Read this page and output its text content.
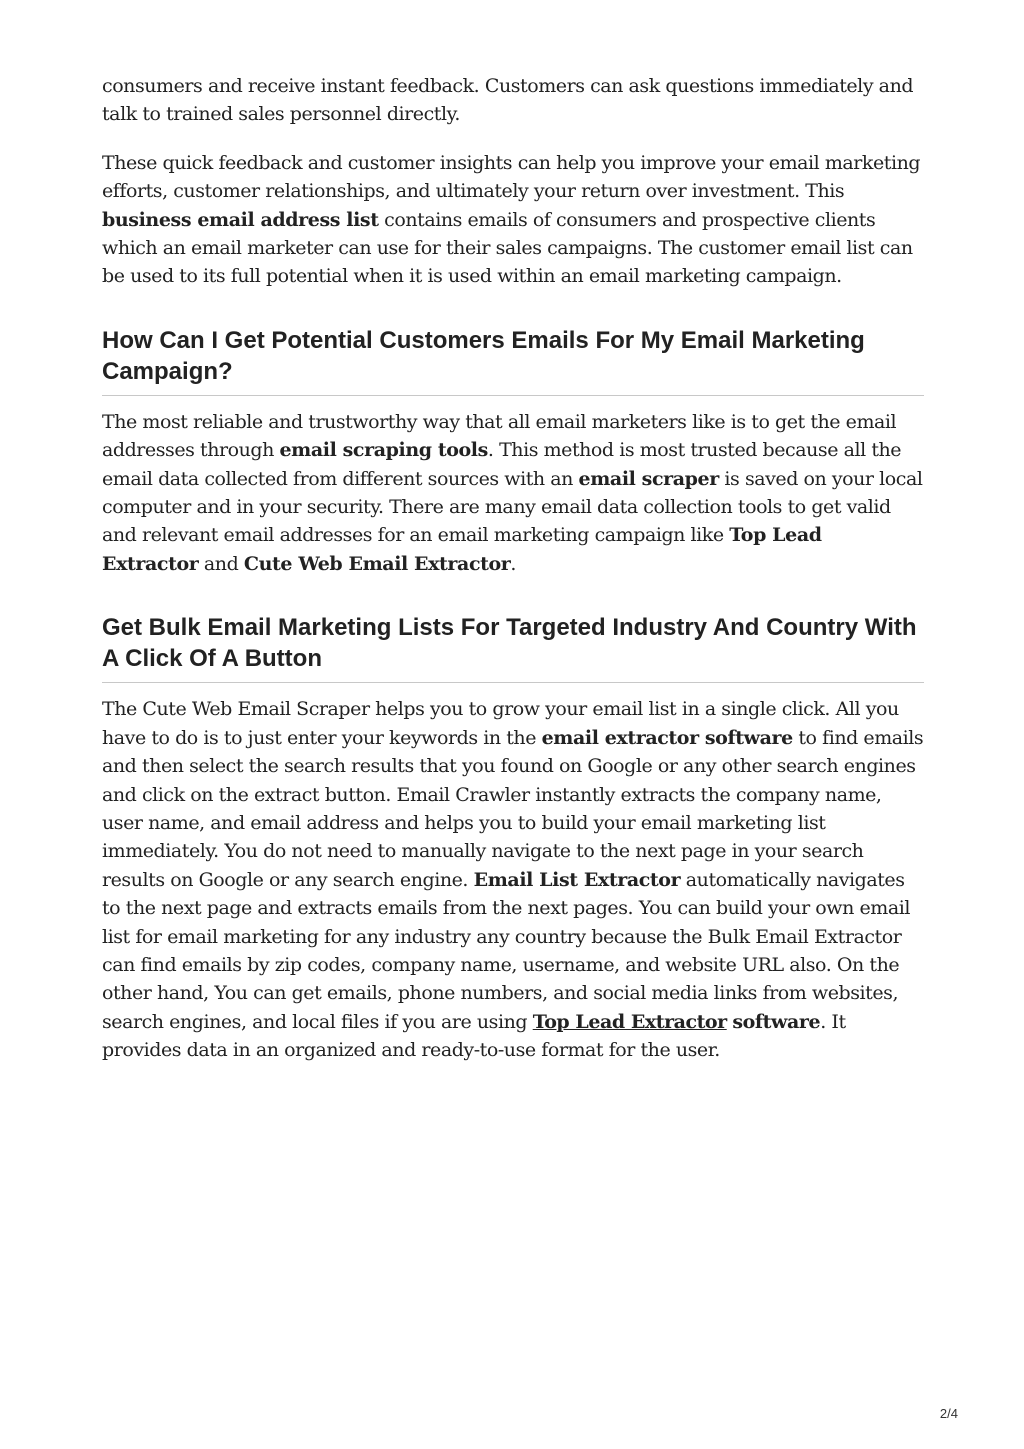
consumers and receive instant feedback. Customers can ask questions immediately and talk to trained sales personnel directly.

These quick feedback and customer insights can help you improve your email marketing efforts, customer relationships, and ultimately your return over investment. This business email address list contains emails of consumers and prospective clients which an email marketer can use for their sales campaigns. The customer email list can be used to its full potential when it is used within an email marketing campaign.

How Can I Get Potential Customers Emails For My Email Marketing Campaign?

The most reliable and trustworthy way that all email marketers like is to get the email addresses through email scraping tools. This method is most trusted because all the email data collected from different sources with an email scraper is saved on your local computer and in your security. There are many email data collection tools to get valid and relevant email addresses for an email marketing campaign like Top Lead Extractor and Cute Web Email Extractor.

Get Bulk Email Marketing Lists For Targeted Industry And Country With A Click Of A Button

The Cute Web Email Scraper helps you to grow your email list in a single click. All you have to do is to just enter your keywords in the email extractor software to find emails and then select the search results that you found on Google or any other search engines and click on the extract button. Email Crawler instantly extracts the company name, user name, and email address and helps you to build your email marketing list immediately. You do not need to manually navigate to the next page in your search results on Google or any search engine. Email List Extractor automatically navigates to the next page and extracts emails from the next pages. You can build your own email list for email marketing for any industry any country because the Bulk Email Extractor can find emails by zip codes, company name, username, and website URL also. On the other hand, You can get emails, phone numbers, and social media links from websites, search engines, and local files if you are using Top Lead Extractor software. It provides data in an organized and ready-to-use format for the user.

2/4
